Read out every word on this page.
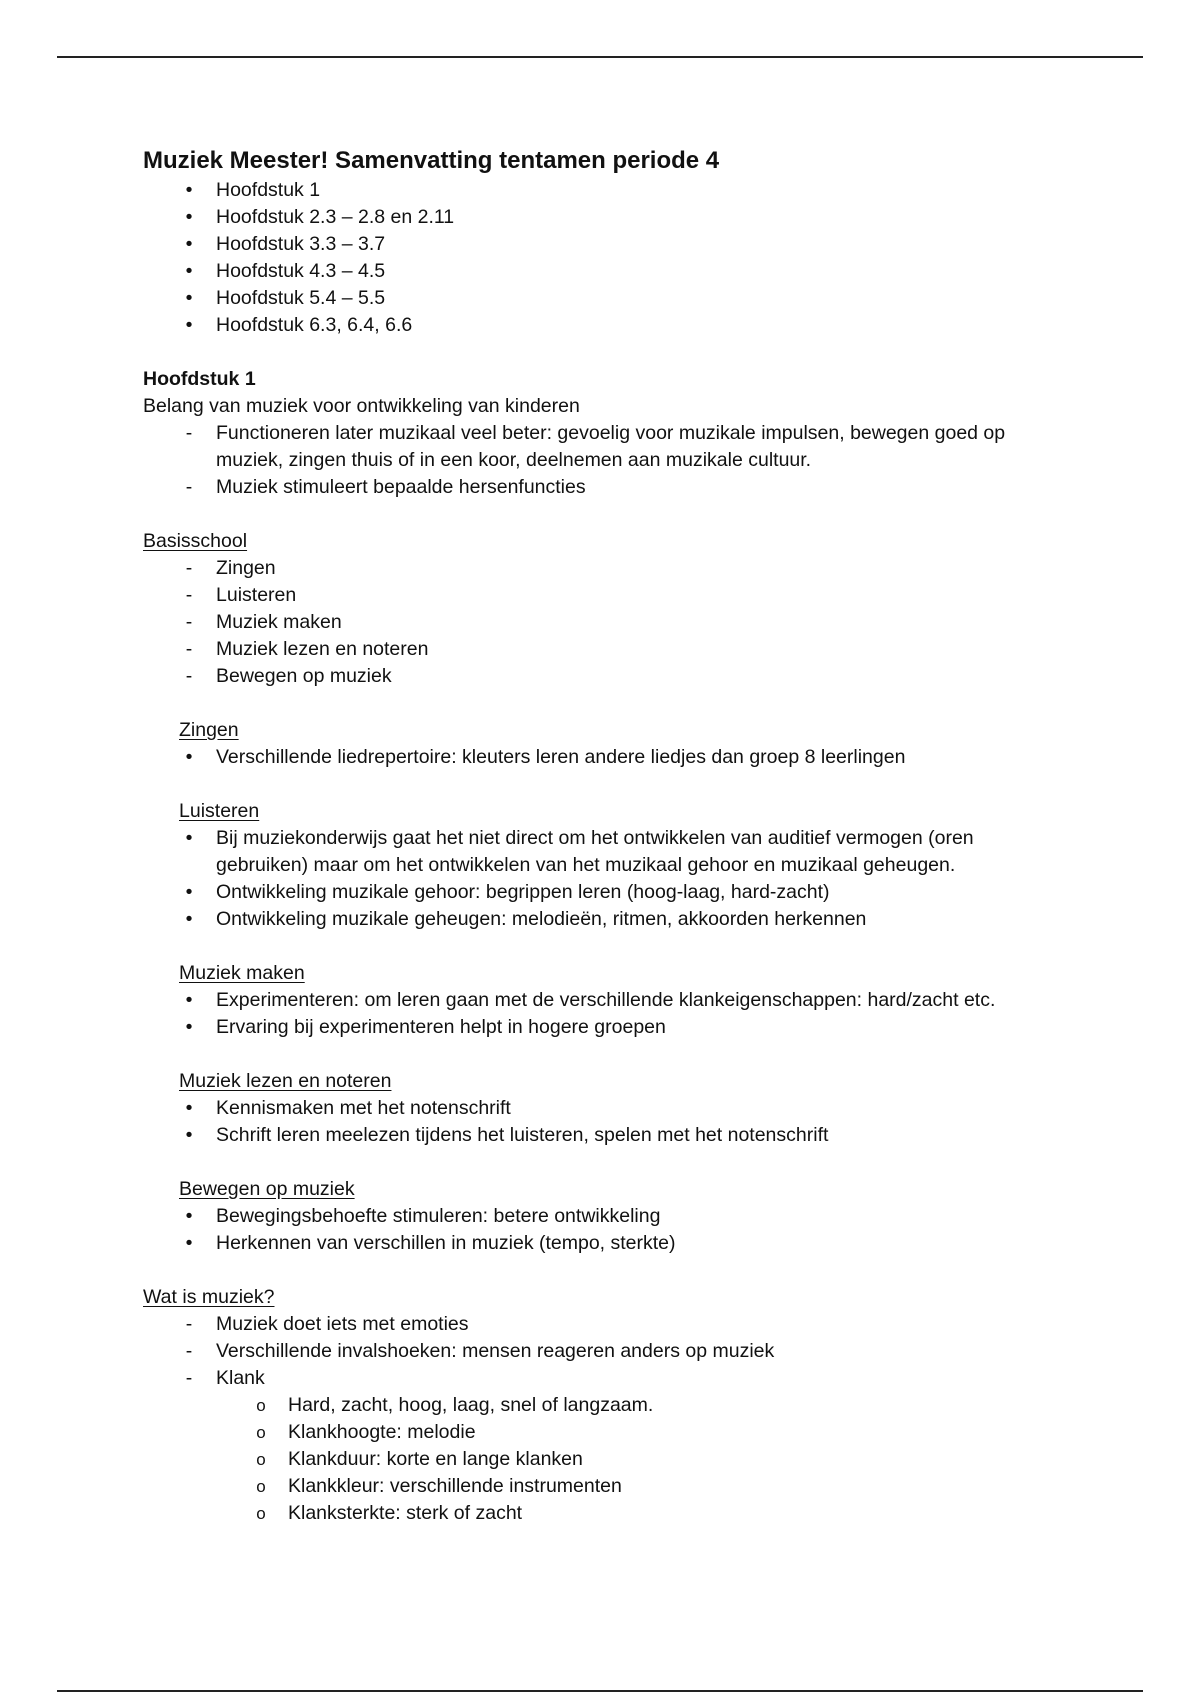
Muziek Meester! Samenvatting tentamen periode 4
•
Hoofdstuk 1
•
Hoofdstuk 2.3 – 2.8 en 2.11
•
Hoofdstuk 3.3 – 3.7
•
Hoofdstuk 4.3 – 4.5
•
Hoofdstuk 5.4 – 5.5
•
Hoofdstuk 6.3, 6.4, 6.6
Hoofdstuk 1
Belang van muziek voor ontwikkeling van kinderen
-
Functioneren later muzikaal veel beter: gevoelig voor muzikale impulsen, bewegen goed op muziek, zingen thuis of in een koor, deelnemen aan muzikale cultuur.
-
Muziek stimuleert bepaalde hersenfuncties
Basisschool
-
Zingen
-
Luisteren
-
Muziek maken
-
Muziek lezen en noteren
-
Bewegen op muziek
Zingen
•
Verschillende liedrepertoire: kleuters leren andere liedjes dan groep 8 leerlingen
Luisteren
•
Bij muziekonderwijs gaat het niet direct om het ontwikkelen van auditief vermogen (oren gebruiken) maar om het ontwikkelen van het muzikaal gehoor en muzikaal geheugen.
•
Ontwikkeling muzikale gehoor: begrippen leren (hoog-laag, hard-zacht)
•
Ontwikkeling muzikale geheugen: melodieën, ritmen, akkoorden herkennen
Muziek maken
•
Experimenteren: om leren gaan met de verschillende klankeigenschappen: hard/zacht etc.
•
Ervaring bij experimenteren helpt in hogere groepen
Muziek lezen en noteren
•
Kennismaken met het notenschrift
•
Schrift leren meelezen tijdens het luisteren, spelen met het notenschrift
Bewegen op muziek
•
Bewegingsbehoefte stimuleren: betere ontwikkeling
•
Herkennen van verschillen in muziek (tempo, sterkte)
Wat is muziek?
-
Muziek doet iets met emoties
-
Verschillende invalshoeken: mensen reageren anders op muziek
-
Klank
o
Hard, zacht, hoog, laag, snel of langzaam.
o
Klankhoogte: melodie
o
Klankduur: korte en lange klanken
o
Klankkleur: verschillende instrumenten
o
Klanksterkte: sterk of zacht
